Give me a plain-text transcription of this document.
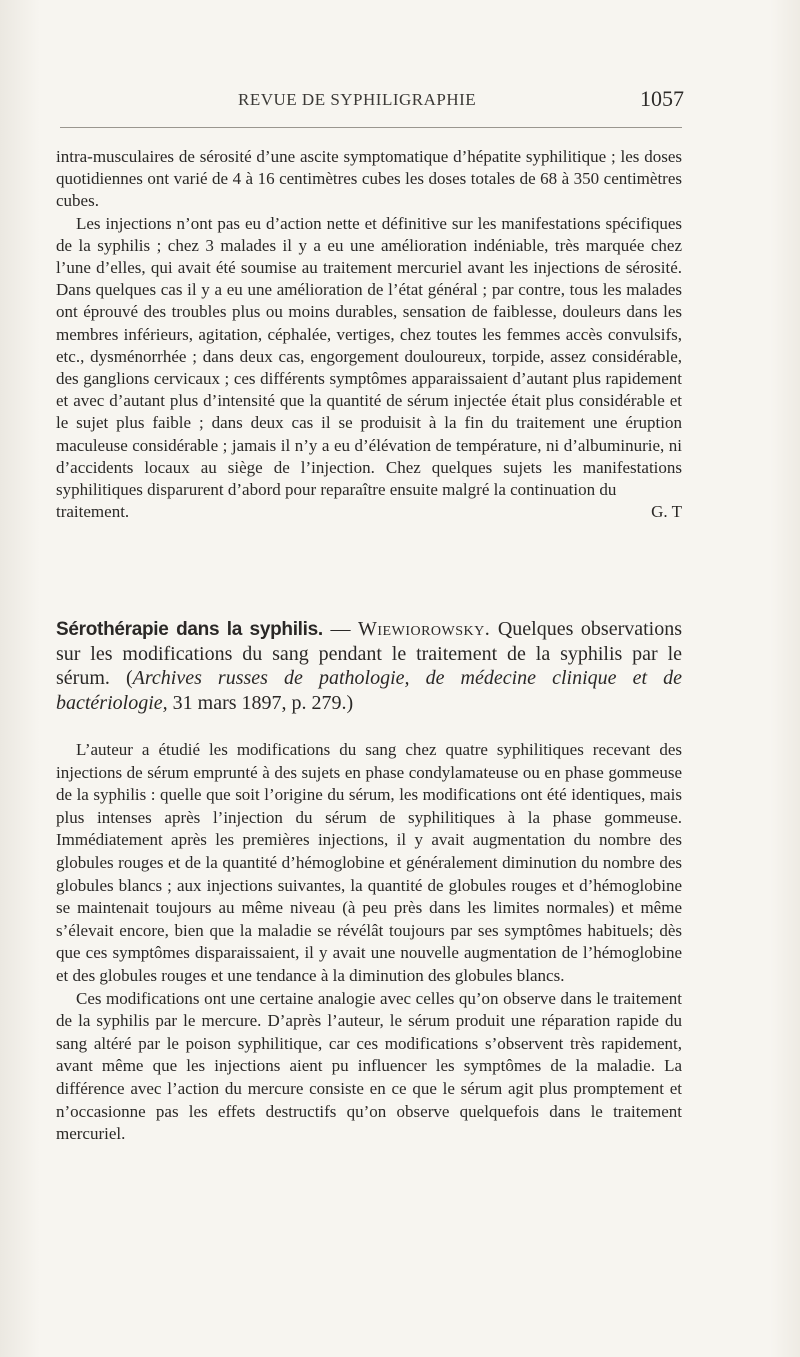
REVUE DE SYPHILIGRAPHIE	1057

intra-musculaires de sérosité d’une ascite symptomatique d’hépatite syphilitique ; les doses quotidiennes ont varié de 4 à 16 centimètres cubes les doses totales de 68 à 350 centimètres cubes.

Les injections n’ont pas eu d’action nette et définitive sur les manifestations spécifiques de la syphilis ; chez 3 malades il y a eu une amélioration indéniable, très marquée chez l’une d’elles, qui avait été soumise au traitement mercuriel avant les injections de sérosité. Dans quelques cas il y a eu une amélioration de l’état général ; par contre, tous les malades ont éprouvé des troubles plus ou moins durables, sensation de faiblesse, douleurs dans les membres inférieurs, agitation, céphalée, vertiges, chez toutes les femmes accès convulsifs, etc., dysménorrhée ; dans deux cas, engorgement douloureux, torpide, assez considérable, des ganglions cervicaux ; ces différents symptômes apparaissaient d’autant plus rapidement et avec d’autant plus d’intensité que la quantité de sérum injectée était plus considérable et le sujet plus faible ; dans deux cas il se produisit à la fin du traitement une éruption maculeuse considérable ; jamais il n’y a eu d’élévation de température, ni d’albuminurie, ni d’accidents locaux au siège de l’injection. Chez quelques sujets les manifestations syphilitiques disparurent d’abord pour reparaître ensuite malgré la continuation du

traitement.	G. T

Sérothérapie dans la syphilis. — Wiewiorowsky. Quelques observations sur les modifications du sang pendant le traitement de la syphilis par le sérum. (Archives russes de pathologie, de médecine clinique et de bactériologie, 31 mars 1897, p. 279.)

L’auteur a étudié les modifications du sang chez quatre syphilitiques recevant des injections de sérum emprunté à des sujets en phase condylamateuse ou en phase gommeuse de la syphilis : quelle que soit l’origine du sérum, les modifications ont été identiques, mais plus intenses après l’injection du sérum de syphilitiques à la phase gommeuse. Immédiatement après les premières injections, il y avait augmentation du nombre des globules rouges et de la quantité d’hémoglobine et généralement diminution du nombre des globules blancs ; aux injections suivantes, la quantité de globules rouges et d’hémoglobine se maintenait toujours au même niveau (à peu près dans les limites normales) et même s’élevait encore, bien que la maladie se révélât toujours par ses symptômes habituels; dès que ces symptômes disparaissaient, il y avait une nouvelle augmentation de l’hémoglobine et des globules rouges et une tendance à la diminution des globules blancs.

Ces modifications ont une certaine analogie avec celles qu’on observe dans le traitement de la syphilis par le mercure. D’après l’auteur, le sérum produit une réparation rapide du sang altéré par le poison syphilitique, car ces modifications s’observent très rapidement, avant même que les injections aient pu influencer les symptômes de la maladie. La différence avec l’action du mercure consiste en ce que le sérum agit plus promptement et n’occasionne pas les effets destructifs qu’on observe quelquefois dans le traitement mercuriel.
